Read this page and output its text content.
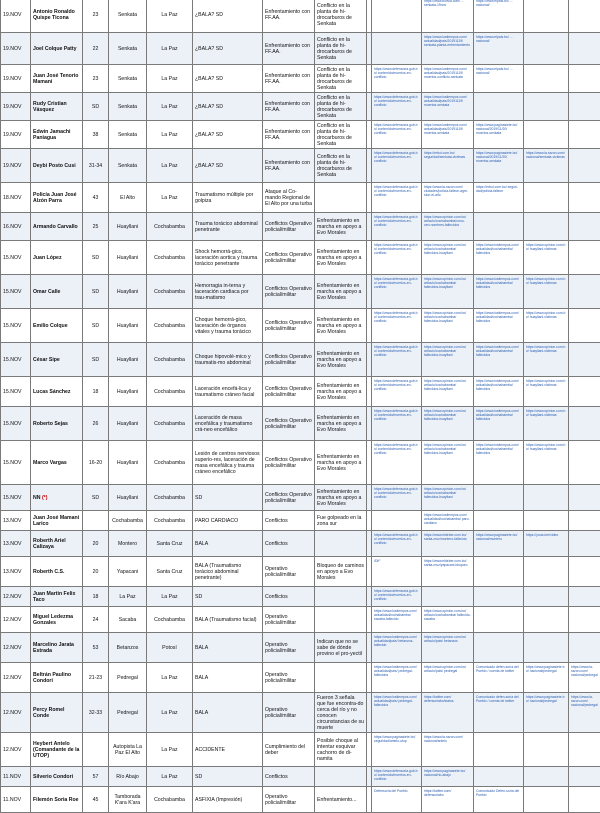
19.NOV	Antonio Ronaldo Quispe Ticona	23	Senkata	La Paz	¿BALA? SD	Enfrentamiento con FF.AA.	Conflicto en la planta de hi-drocarburos de Senkata			https://www.bolivia.com/ ... senkata-19nov	https://www.elpais.bo/ ... nacional/		
19.NOV	Joel Colque Patty	22	Senkata	La Paz	¿BALA? SD	Enfrentamiento con FF.AA.	Conflicto en la planta de hi-drocarburos de Senkata			https://www.lostiempos.com/ actualidad/pais/20191119/ senkata-planta-enfrentamiento	https://www.elpais.bo/ ... nacional/		
19.NOV	Juan José Tenorio Mamani	23	Senkata	La Paz	¿BALA? SD	Enfrentamiento con FF.AA.	Conflicto en la planta de hi-drocarburos de Senkata		https://www.defensoria.gob.bo/ contenido/muertos-en-conflicto	https://www.lostiempos.com/ actualidad/pais/20191119/ muertos-conflicto-senkata	https://www.elpais.bo/ ... nacional/		
19.NOV	Rudy Cristian Vásquez	SD	Senkata	La Paz	¿BALA? SD	Enfrentamiento con FF.AA.	Conflicto en la planta de hi-drocarburos de Senkata		https://www.defensoria.gob.bo/ contenido/muertos-en-conflicto	https://www.lostiempos.com/ actualidad/pais/20191119/ muertos-senkata			
19.NOV	Edwin Jamachi Paniagua	38	Senkata	La Paz	¿BALA? SD	Enfrentamiento con FF.AA.	Conflicto en la planta de hi-drocarburos de Senkata		https://www.defensoria.gob.bo/ contenido/muertos-en-conflicto	https://www.lostiempos.com/ actualidad/pais/20191119/ muertos-senkata	https://www.paginasiete.bo/ nacional/2019/11/20/ muertos-senkata		
19.NOV	Deybi Posto Cusi	31-34	Senkata	La Paz	¿BALA? SD	Enfrentamiento con FF.AA.	Conflicto en la planta de hi-drocarburos de Senkata		https://www.defensoria.gob.bo/ contenido/muertos-en-conflicto	https://erbol.com.bo/ seguridad/senkata-victimas	https://www.paginasiete.bo/ nacional/2019/11/20/ muertos-senkata	https://www.la-razon.com/ nacional/senkata-victimas	
18.NOV	Policía Juan José Alzón Parra	43	El Alto	La Paz	Traumatismo múltiple por golpiza	Ataque al Co-mando Regional de El Alto por una turba			https://www.defensoria.gob.bo/ contenido/muertos-en-conflicto	https://www.la-razon.com/ ciudades/policia-fallece-agre-sion-el-alto	https://erbol.com.bo/ seguri-dad/policia-fallece		
16.NOV	Armando Carvallo	25	Huayllani	Cochabamba	Trauma torácico abdominal penetrante	Conflictos Operativo policial/militar	Enfrentamiento en marcha en apoyo a Evo Morales		https://www.defensoria.gob.bo/ contenido/muertos-en-conflicto	https://www.opinion.com.bo/ articulo/cochabamba/cono-cen-nombres-fallecidos			
15.NOV	Juan López	SD	Huayllani	Cochabamba	Shock hemorrá-gico, laceración aortica y trauma torácico penetrante	Conflictos Operativo policial/militar	Enfrentamiento en marcha en apoyo a Evo Morales		https://www.defensoria.gob.bo/ contenido/muertos-en-conflicto	https://www.opinion.com.bo/ articulo/cochabamba/ fallecidos-huayllani	https://www.lostiempos.com/ actualidad/cochabamba/ fallecidos	https://www.opinion.com.bo/ huayllani-victimas	
15.NOV	Omar Calle	SD	Huayllani	Cochabamba	Hemorragia in-terna y laceración cardiaca por trau-matismo	Conflictos Operativo policial/militar	Enfrentamiento en marcha en apoyo a Evo Morales		https://www.defensoria.gob.bo/ contenido/muertos-en-conflicto	https://www.opinion.com.bo/ articulo/cochabamba/ fallecidos-huayllani	https://www.lostiempos.com/ actualidad/cochabamba/ fallecidos	https://www.opinion.com.bo/ huayllani-victimas	
15.NOV	Emilio Colque	SD	Huayllani	Cochabamba	Choque hemorrá-gico, laceración de órganos vitales y trauma torácico	Conflictos Operativo policial/militar	Enfrentamiento en marcha en apoyo a Evo Morales		https://www.defensoria.gob.bo/ contenido/muertos-en-conflicto	https://www.opinion.com.bo/ articulo/cochabamba/ fallecidos-huayllani	https://www.lostiempos.com/ actualidad/cochabamba/ fallecidos	https://www.opinion.com.bo/ huayllani-victimas	
15.NOV	César Sipe	SD	Huayllani	Cochabamba	Choque hipovolé-mico y traumatis-mo abdominal	Conflictos Operativo policial/militar	Enfrentamiento en marcha en apoyo a Evo Morales		https://www.defensoria.gob.bo/ contenido/muertos-en-conflicto	https://www.opinion.com.bo/ articulo/cochabamba/ fallecidos-huayllani	https://www.lostiempos.com/ actualidad/cochabamba/ fallecidos	https://www.opinion.com.bo/ huayllani-victimas	
15.NOV	Lucas Sánchez	18	Huayllani	Cochabamba	Laceración encefá-lica y traumatismo cráneo facial	Conflictos Operativo policial/militar	Enfrentamiento en marcha en apoyo a Evo Morales		https://www.defensoria.gob.bo/ contenido/muertos-en-conflicto	https://www.opinion.com.bo/ articulo/cochabamba/ fallecidos-huayllani	https://www.lostiempos.com/ actualidad/cochabamba/ fallecidos	https://www.opinion.com.bo/ huayllani-victimas	
15.NOV	Roberto Sejas	26	Huayllani	Cochabamba	Laceración de masa encefálica y traumatismo crá-neo encefálico	Conflictos Operativo policial/militar	Enfrentamiento en marcha en apoyo a Evo Morales		https://www.defensoria.gob.bo/ contenido/muertos-en-conflicto	https://www.opinion.com.bo/ articulo/cochabamba/ fallecidos-huayllani	https://www.lostiempos.com/ actualidad/cochabamba/ fallecidos	https://www.opinion.com.bo/ huayllani-victimas	
15.NOV	Marco Vargas	16-20	Huayllani	Cochabamba	Lesión de centros nerviosos superio-res, laceración de masa encefálica y trauma cráneo encefálico	Conflictos Operativo policial/militar	Enfrentamiento en marcha en apoyo a Evo Morales		https://www.defensoria.gob.bo/ contenido/muertos-en-conflicto	https://www.opinion.com.bo/ articulo/cochabamba/ fallecidos-huayllani	https://www.lostiempos.com/ actualidad/cochabamba/ fallecidos	https://www.opinion.com.bo/ huayllani-victimas	
15.NOV	NN (*)	SD	Huayllani	Cochabamba	SD	Conflictos Operativo policial/militar	Enfrentamiento en marcha en apoyo a Evo Morales		https://www.defensoria.gob.bo/ contenido/muertos-en-conflicto	https://www.opinion.com.bo/ articulo/cochabamba/ fallecidos-huayllani			
13.NOV	Juan José Mamani Larico		Cochabamba	Cochabamba	PARO CARDIACO	Conflictos	Fue golpeado en la zona sur			https://www.lostiempos.com/ actualidad/cochabamba/ paro-cardiaco			
13.NOV	Roberth Ariel Calizaya	20	Montero	Santa Cruz	BALA	Conflictos			https://www.defensoria.gob.bo/ contenido/muertos-en-conflicto	https://www.eldeber.com.bo/ santa-cruz/montero-fallecido	https://www.paginasiete.bo/ nacional/montero	https://youtu.be/video	
13.NOV	Roberth C.S.	20	Yapacani	Santa Cruz	BALA (Traumatismo torácico abdominal penetrante)	Operativo policial/militar	Bloqueo de caminos en apoyo a Evo Morales		IDIF	https://www.eldeber.com.bo/ santa-cruz/yapacani-bloqueo			
12.NOV	Juan Martin Felix Taco	18	La Paz	La Paz	SD	Conflictos			https://www.defensoria.gob.bo/ contenido/muertos-en-conflicto				
12.NOV	Miguel Ledezma Gonzales	24	Sacaba	Cochabamba	BALA (Traumatismo facial)	Operativo policial/militar			https://www.lostiempos.com/ actualidad/cochabamba/ sacaba-fallecido	https://www.opinion.com.bo/ articulo/cochabamba/ fallecido-sacaba			
12.NOV	Marcelino Jarata Estrada	53	Betanzos	Potosí	BALA	Operativo policial/militar	Indican que no se sabe de dónde provino el pro-yectil		https://www.lostiempos.com/ actualidad/pais/ betanzos-fallecido	https://www.opinion.com.bo/ articulo/pais/ betanzos			
12.NOV	Beltrán Paulino Condori	21-23	Pedregal	La Paz	BALA	Operativo policial/militar			https://www.lostiempos.com/ actualidad/pais/ pedregal-fallecidos	https://www.opinion.com.bo/ articulo/pais/ pedregal	Comunicado defen-soría del Pueblo / cuenta de twitter	https://www.paginasiete.bo/ nacional/pedregal	https://www.la-razon.com/ nacional/pedregal
12.NOV	Percy Romel Conde	32-33	Pedregal	La Paz	BALA	Operativo policial/militar	Fueron 3 señala que fue encontra-do cerca del río y no conocen circunstancias de su muerte		https://www.lostiempos.com/ actualidad/pais/ pedregal-fallecidos	https://twitter.com/ defensoriabo/status	Comunicado defen-soría del Pueblo / cuenta de twitter	https://www.paginasiete.bo/ nacional/pedregal	https://www.la-razon.com/ nacional/pedregal
12.NOV	Heybert Antelo (Comandante de la UTOP)		Autopista La Paz El Alto	La Paz	ACCIDENTE	Cumplimiento del deber	Posible choque al intentar esquivar cachorro de di-namita		https://www.paginasiete.bo/ seguridad/antelo-utop	https://www.la-razon.com/ nacional/antelo			
11.NOV	Silverio Condori	57	Río Abajo	La Paz	SD	Conflictos			https://www.defensoria.gob.bo/ contenido/muertos-en-conflicto	https://www.paginasiete.bo/ nacional/rio-abajo			
11.NOV	Filemón Soria Roe	45	Tamborada K'ara K'ara	Cochabamba	ASFIXIA (Impresión)	Operativo policial/militar	Enfrentamiento...		Defensoría del Pueblo	https://twitter.com/ defensoriabo	Comunicado Defen-soría del Pueblo		
